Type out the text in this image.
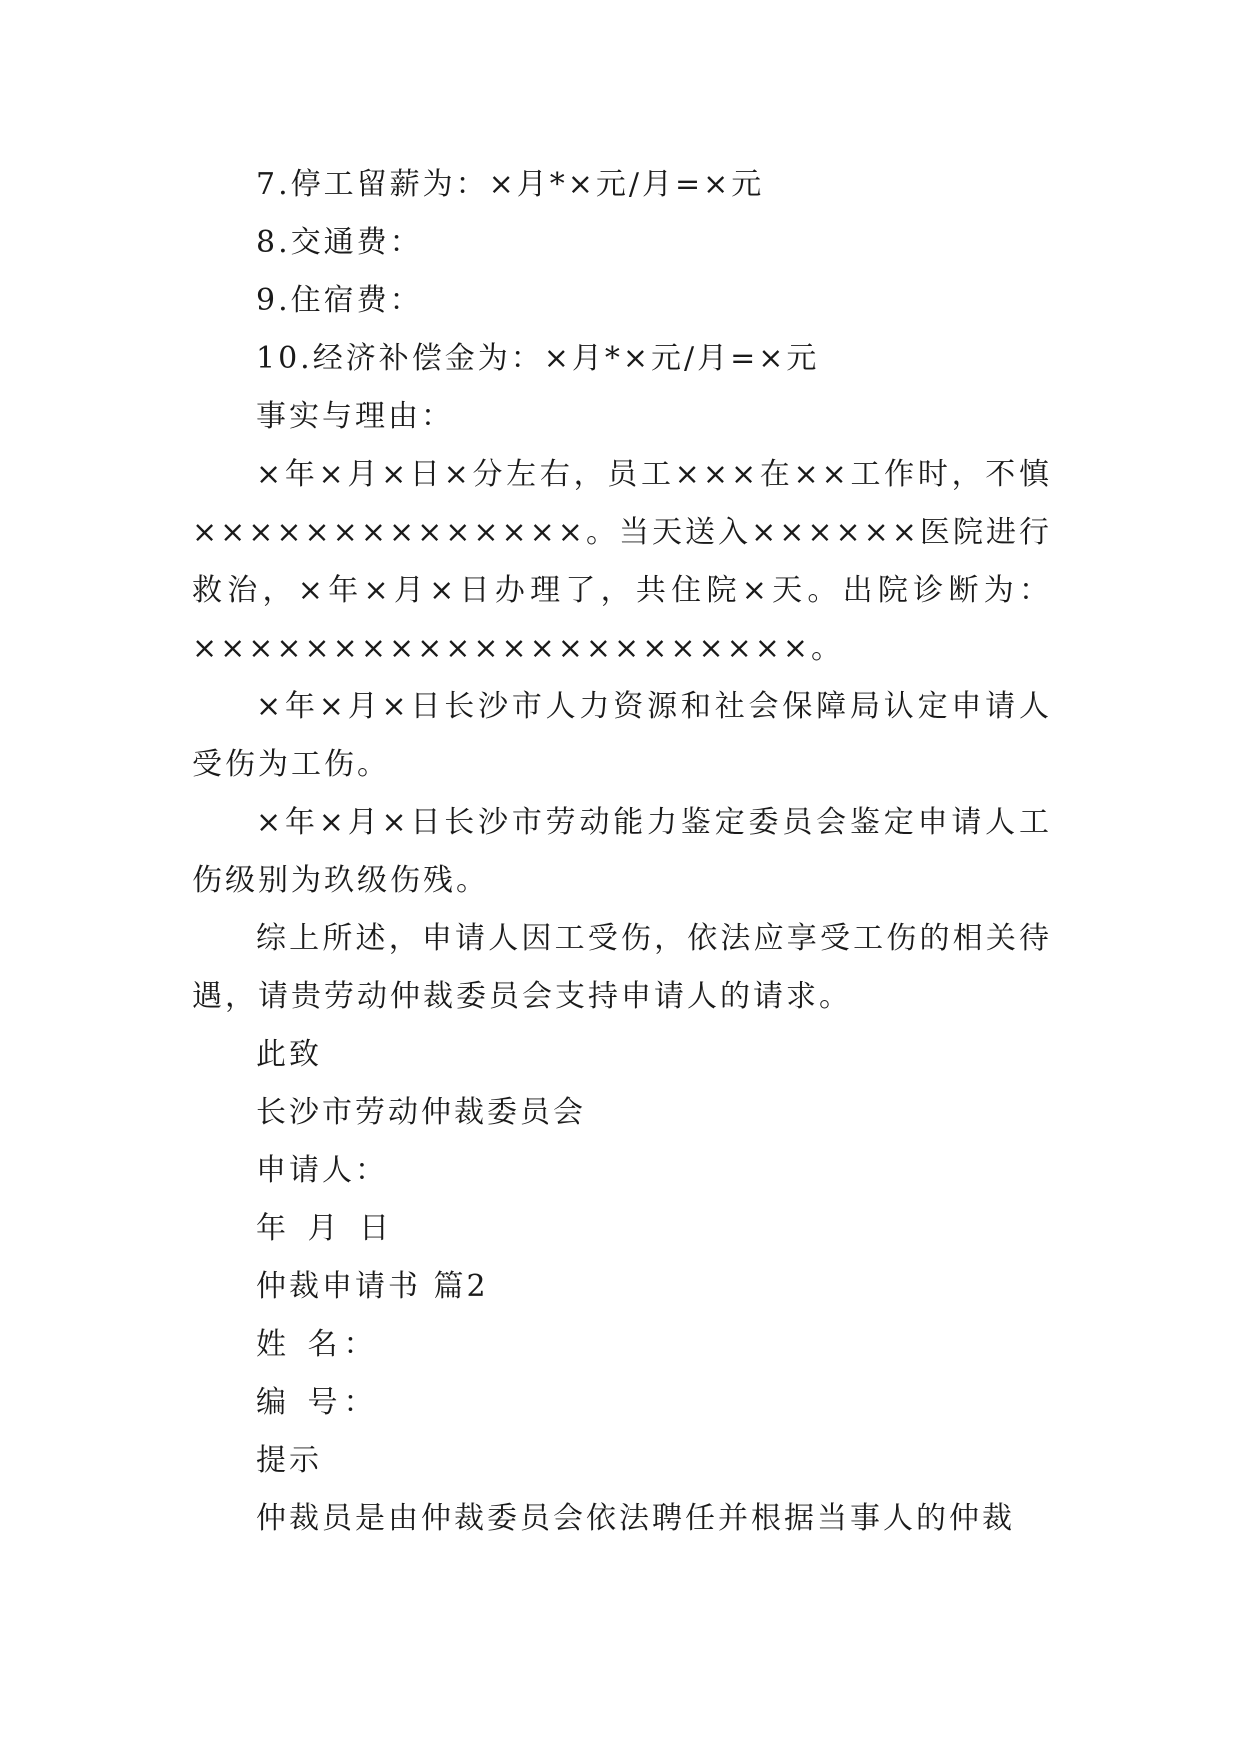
7.停工留薪为：×月*×元/月=×元
8.交通费：
9.住宿费：
10.经济补偿金为：×月*×元/月=×元
事实与理由：

×年×月×日×分左右，员工×××在××工作时，不慎××××××××××××××。当天送入××××××医院进行救治，×年×月×日办理了，共住院×天。出院诊断为：××××××××××××××××××××××。

×年×月×日长沙市人力资源和社会保障局认定申请人受伤为工伤。

×年×月×日长沙市劳动能力鉴定委员会鉴定申请人工伤级别为玖级伤残。

综上所述，申请人因工受伤，依法应享受工伤的相关待遇，请贵劳动仲裁委员会支持申请人的请求。

此致
长沙市劳动仲裁委员会
申请人：
年 月 日
仲裁申请书 篇2
姓 名：
编 号：
提示
仲裁员是由仲裁委员会依法聘任并根据当事人的仲裁
